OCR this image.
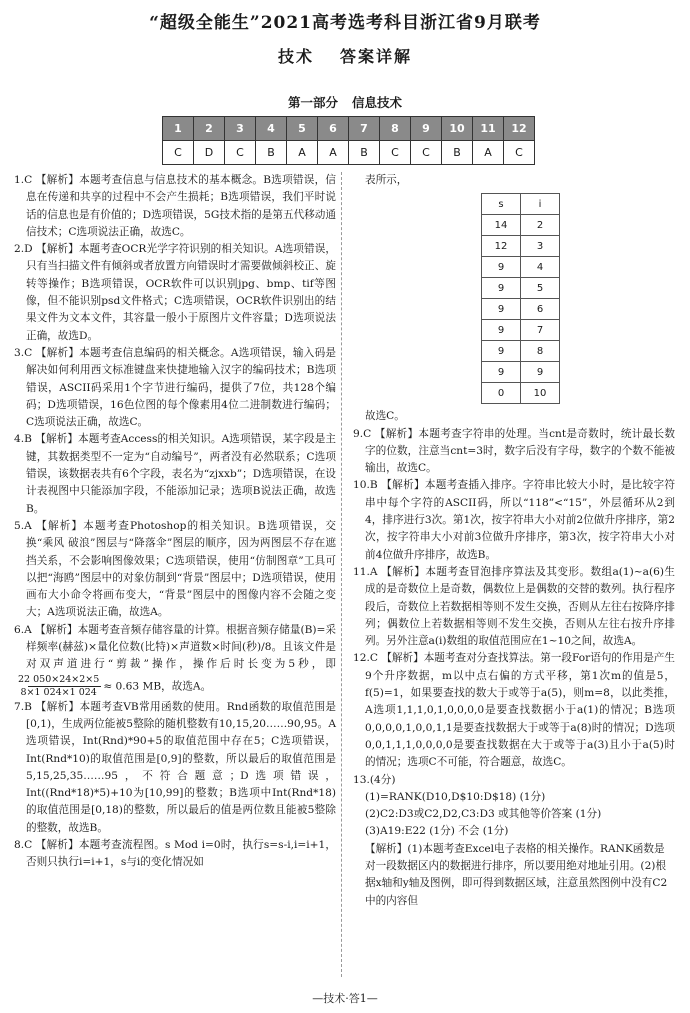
“超级全能生”2021高考选考科目浙江省9月联考
技术 答案详解
第一部分 信息技术
1	2	3	4	5	6	7	8	9	10	11	12
C	D	C	B	A	A	B	C	C	B	A	C

1.C 【解析】本题考查信息与信息技术的基本概念。B选项错误，信息在传递和共享的过程中不会产生损耗；B选项错误，我们平时说话的信息也是有价值的；D选项错误，5G技术指的是第五代移动通信技术；C选项说法正确，故选C。

2.D 【解析】本题考查OCR光学字符识别的相关知识。A选项错误，只有当扫描文件有倾斜或者放置方向错误时才需要做倾斜校正、旋转等操作；B选项错误，OCR软件可以识别jpg、bmp、tif等图像，但不能识别psd文件格式；C选项错误，OCR软件识别出的结果文件为文本文件，其容量一般小于原图片文件容量；D选项说法正确，故选D。

3.C 【解析】本题考查信息编码的相关概念。A选项错误，输入码是解决如何利用西文标准键盘来快捷地输入汉字的编码技术；B选项错误，ASCII码采用1个字节进行编码，提供了7位，共128个编码；D选项错误，16色位图的每个像素用4位二进制数进行编码；C选项说法正确，故选C。

4.B 【解析】本题考查Access的相关知识。A选项错误，某字段是主键，其数据类型不一定为“自动编号”，两者没有必然联系；C选项错误，该数据表共有6个字段，表名为“zjxxb”；D选项错误，在设计表视图中只能添加字段，不能添加记录；选项B说法正确，故选B。

5.A 【解析】本题考查Photoshop的相关知识。B选项错误，交换“乘风 破浪”图层与“降落伞”图层的顺序，因为两图层不存在遮挡关系，不会影响图像效果；C选项错误，使用“仿制图章”工具可以把“海鸥”图层中的对象仿制到“背景”图层中；D选项错误，使用画布大小命令将画布变大，“背景”图层中的图像内容不会随之变大；A选项说法正确，故选A。

6.A 【解析】本题考查音频存储容量的计算。根据音频存储量(B)=采样频率(赫兹)×量化位数(比特)×声道数×时间(秒)/8。且该文件是对双声道进行“剪裁”操作，操作后时长变为5秒，即
$\frac{22 050\times 24\times 2\times 5}{8\times 1 024\times 1 024} \approx 0.63$ MB，故选A。

7.B 【解析】本题考查VB常用函数的使用。Rnd函数的取值范围是[0,1)，生成两位能被5整除的随机整数有10,15,20……90,95。A选项错误，Int(Rnd)*90+5的取值范围中存在5；C选项错误，Int(Rnd*10)的取值范围是[0,9]的整数，所以最后的取值范围是5,15,25,35……95，不符合题意；D选项错误，Int((Rnd*18)*5)+10为[10,99]的整数；B选项中Int(Rnd*18)的取值范围是[0,18)的整数，所以最后的值是两位数且能被5整除的整数，故选B。

8.C 【解析】本题考查流程图。s Mod i=0时，执行s=s-i,i=i+1，否则只执行i=i+1，s与i的变化情况如

表所示，

s	i
14	2
12	3
9	4
9	5
9	6
9	7
9	8
9	9
0	10

故选C。

9.C 【解析】本题考查字符串的处理。当cnt是奇数时，统计最长数字的位数，注意当cnt=3时，数字后没有字母，数字的个数不能被输出，故选C。

10.B 【解析】本题考查插入排序。字符串比较大小时，是比较字符串中每个字符的ASCII码，所以“118”<“15”，外层循环从2到4，排序进行3次。第1次，按字符串大小对前2位做升序排序，第2次，按字符串大小对前3位做升序排序，第3次，按字符串大小对前4位做升序排序，故选B。

11.A 【解析】本题考查冒泡排序算法及其变形。数组a(1)~a(6)生成的是奇数位上是奇数，偶数位上是偶数的交替的数列。执行程序段后，奇数位上若数据相等则不发生交换，否则从左往右按降序排列；偶数位上若数据相等则不发生交换，否则从左往右按升序排列。另外注意a(i)数组的取值范围应在1~10之间，故选A。

12.C 【解析】本题考查对分查找算法。第一段For语句的作用是产生9个升序数据，m以中点右偏的方式平移，第1次m的值是5，f(5)=1，如果要查找的数大于或等于a(5)，则m=8，以此类推，A选项1,1,1,0,1,0,0,0,0是要查找数据小于a(1)的情况；B选项0,0,0,0,1,0,0,1,1是要查找数据大于或等于a(8)时的情况；D选项0,0,1,1,1,0,0,0,0是要查找数据在大于或等于a(3)且小于a(5)时的情况；选项C不可能，符合题意，故选C。

13.(4分)

(1)=RANK(D10,D$10:D$18) (1分)

(2)C2:D3或C2,D2,C3:D3 或其他等价答案 (1分)

(3)A19:E22 (1分) 不会 (1分)

【解析】(1)本题考查Excel电子表格的相关操作。RANK函数是对一段数据区内的数据进行排序，所以要用绝对地址引用。(2)根据x轴和y轴及图例，即可得到数据区域，注意虽然图例中没有C2中的内容但

—技术·答1—
